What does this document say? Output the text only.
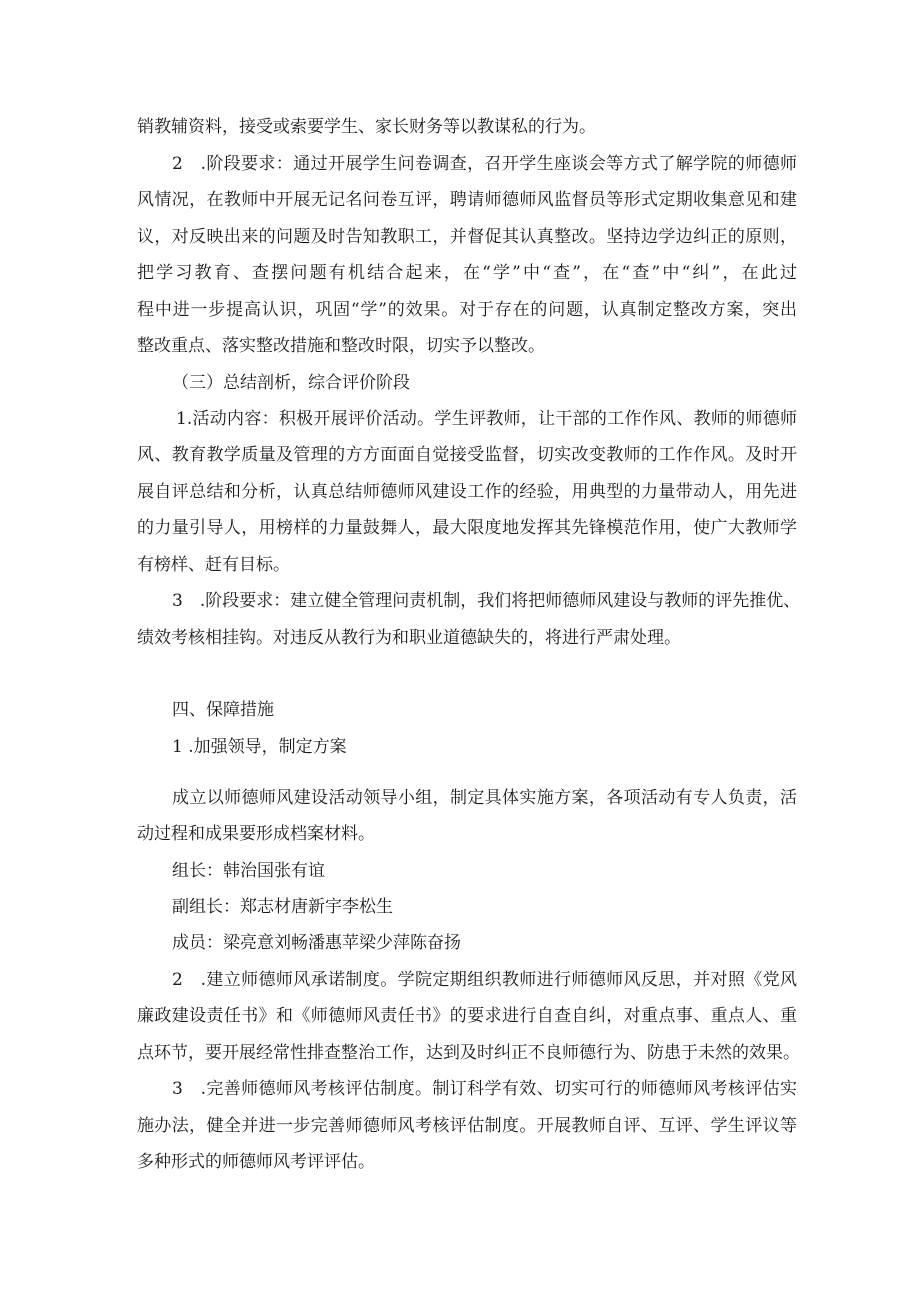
销教辅资料，接受或索要学生、家长财务等以教谋私的行为。
2　.阶段要求：通过开展学生问卷调查，召开学生座谈会等方式了解学院的师德师
风情况，在教师中开展无记名问卷互评，聘请师德师风监督员等形式定期收集意见和建
议，对反映出来的问题及时告知教职工，并督促其认真整改。坚持边学边纠正的原则，
把学习教育、查摆问题有机结合起来，在“学”中“查”，在“查”中“纠”，在此过
程中进一步提高认识，巩固“学”的效果。对于存在的问题，认真制定整改方案，突出
整改重点、落实整改措施和整改时限，切实予以整改。
（三）总结剖析，综合评价阶段
1.活动内容：积极开展评价活动。学生评教师，让干部的工作作风、教师的师德师
风、教育教学质量及管理的方方面面自觉接受监督，切实改变教师的工作作风。及时开
展自评总结和分析，认真总结师德师风建设工作的经验，用典型的力量带动人，用先进
的力量引导人，用榜样的力量鼓舞人，最大限度地发挥其先锋模范作用，使广大教师学
有榜样、赶有目标。
3　.阶段要求：建立健全管理问责机制，我们将把师德师风建设与教师的评先推优、
绩效考核相挂钩。对违反从教行为和职业道德缺失的，将进行严肃处理。
四、保障措施
1 .加强领导，制定方案
成立以师德师风建设活动领导小组，制定具体实施方案，各项活动有专人负责，活
动过程和成果要形成档案材料。
组长：韩治国张有谊
副组长：郑志材唐新宇李松生
成员：梁亮意刘畅潘惠苹梁少萍陈奋扬
2　.建立师德师风承诺制度。学院定期组织教师进行师德师风反思，并对照《党风
廉政建设责任书》和《师德师风责任书》的要求进行自查自纠，对重点事、重点人、重
点环节，要开展经常性排查整治工作，达到及时纠正不良师德行为、防患于未然的效果。
3　.完善师德师风考核评估制度。制订科学有效、切实可行的师德师风考核评估实
施办法，健全并进一步完善师德师风考核评估制度。开展教师自评、互评、学生评议等
多种形式的师德师风考评评估。
